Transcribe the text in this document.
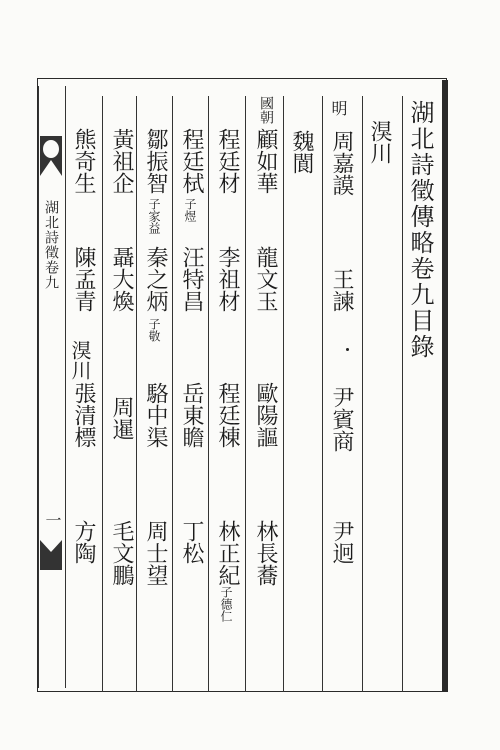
湖北詩徵卷九
湨川
一
湖北詩徵傳略卷九目錄
湨川
明
周嘉謨
王諫
尹賓商
尹迥
魏閬
國朝
顧如華
龍文玉
歐陽謳
林長蕎
程廷材
李祖材
程廷棟
林正紀
子德仁
程廷栻
子煜
汪特昌
岳東瞻
丁松
鄒振智
子家益
秦之炳
子敬
駱中渠
周士望
黃祖企
聶大煥
周暹
毛文鵬
熊奇生
陳孟青
張清標
方陶
